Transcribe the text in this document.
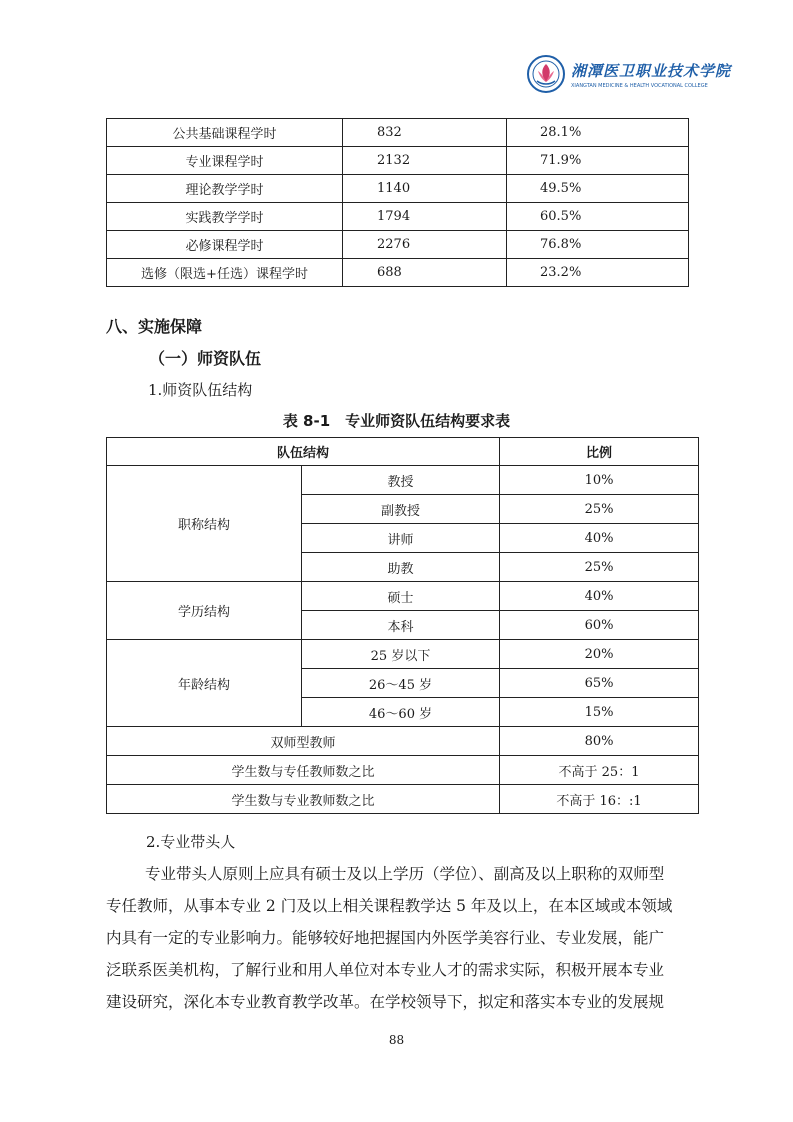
湘潭医卫职业技术学院
XIANGTAN MEDICINE & HEALTH VOCATIONAL COLLEGE
公共基础课程学时	832	28.1%
专业课程学时	2132	71.9%
理论教学学时	1140	49.5%
实践教学学时	1794	60.5%
必修课程学时	2276	76.8%
选修（限选+任选）课程学时	688	23.2%
八、实施保障
（一）师资队伍
1.师资队伍结构
表 8-1　专业师资队伍结构要求表
队伍结构		比例
职称结构	教授	10%
	副教授	25%
	讲师	40%
	助教	25%
学历结构	硕士	40%
	本科	60%
年龄结构	25 岁以下	20%
	26～45 岁	65%
	46～60 岁	15%
双师型教师		80%
学生数与专任教师数之比		不高于 25：1
学生数与专业教师数之比		不高于 16：:1
2.专业带头人
专业带头人原则上应具有硕士及以上学历（学位）、副高及以上职称的双师型
专任教师，从事本专业 2 门及以上相关课程教学达 5 年及以上，在本区域或本领域
内具有一定的专业影响力。能够较好地把握国内外医学美容行业、专业发展，能广
泛联系医美机构，了解行业和用人单位对本专业人才的需求实际，积极开展本专业
建设研究，深化本专业教育教学改革。在学校领导下，拟定和落实本专业的发展规
88
